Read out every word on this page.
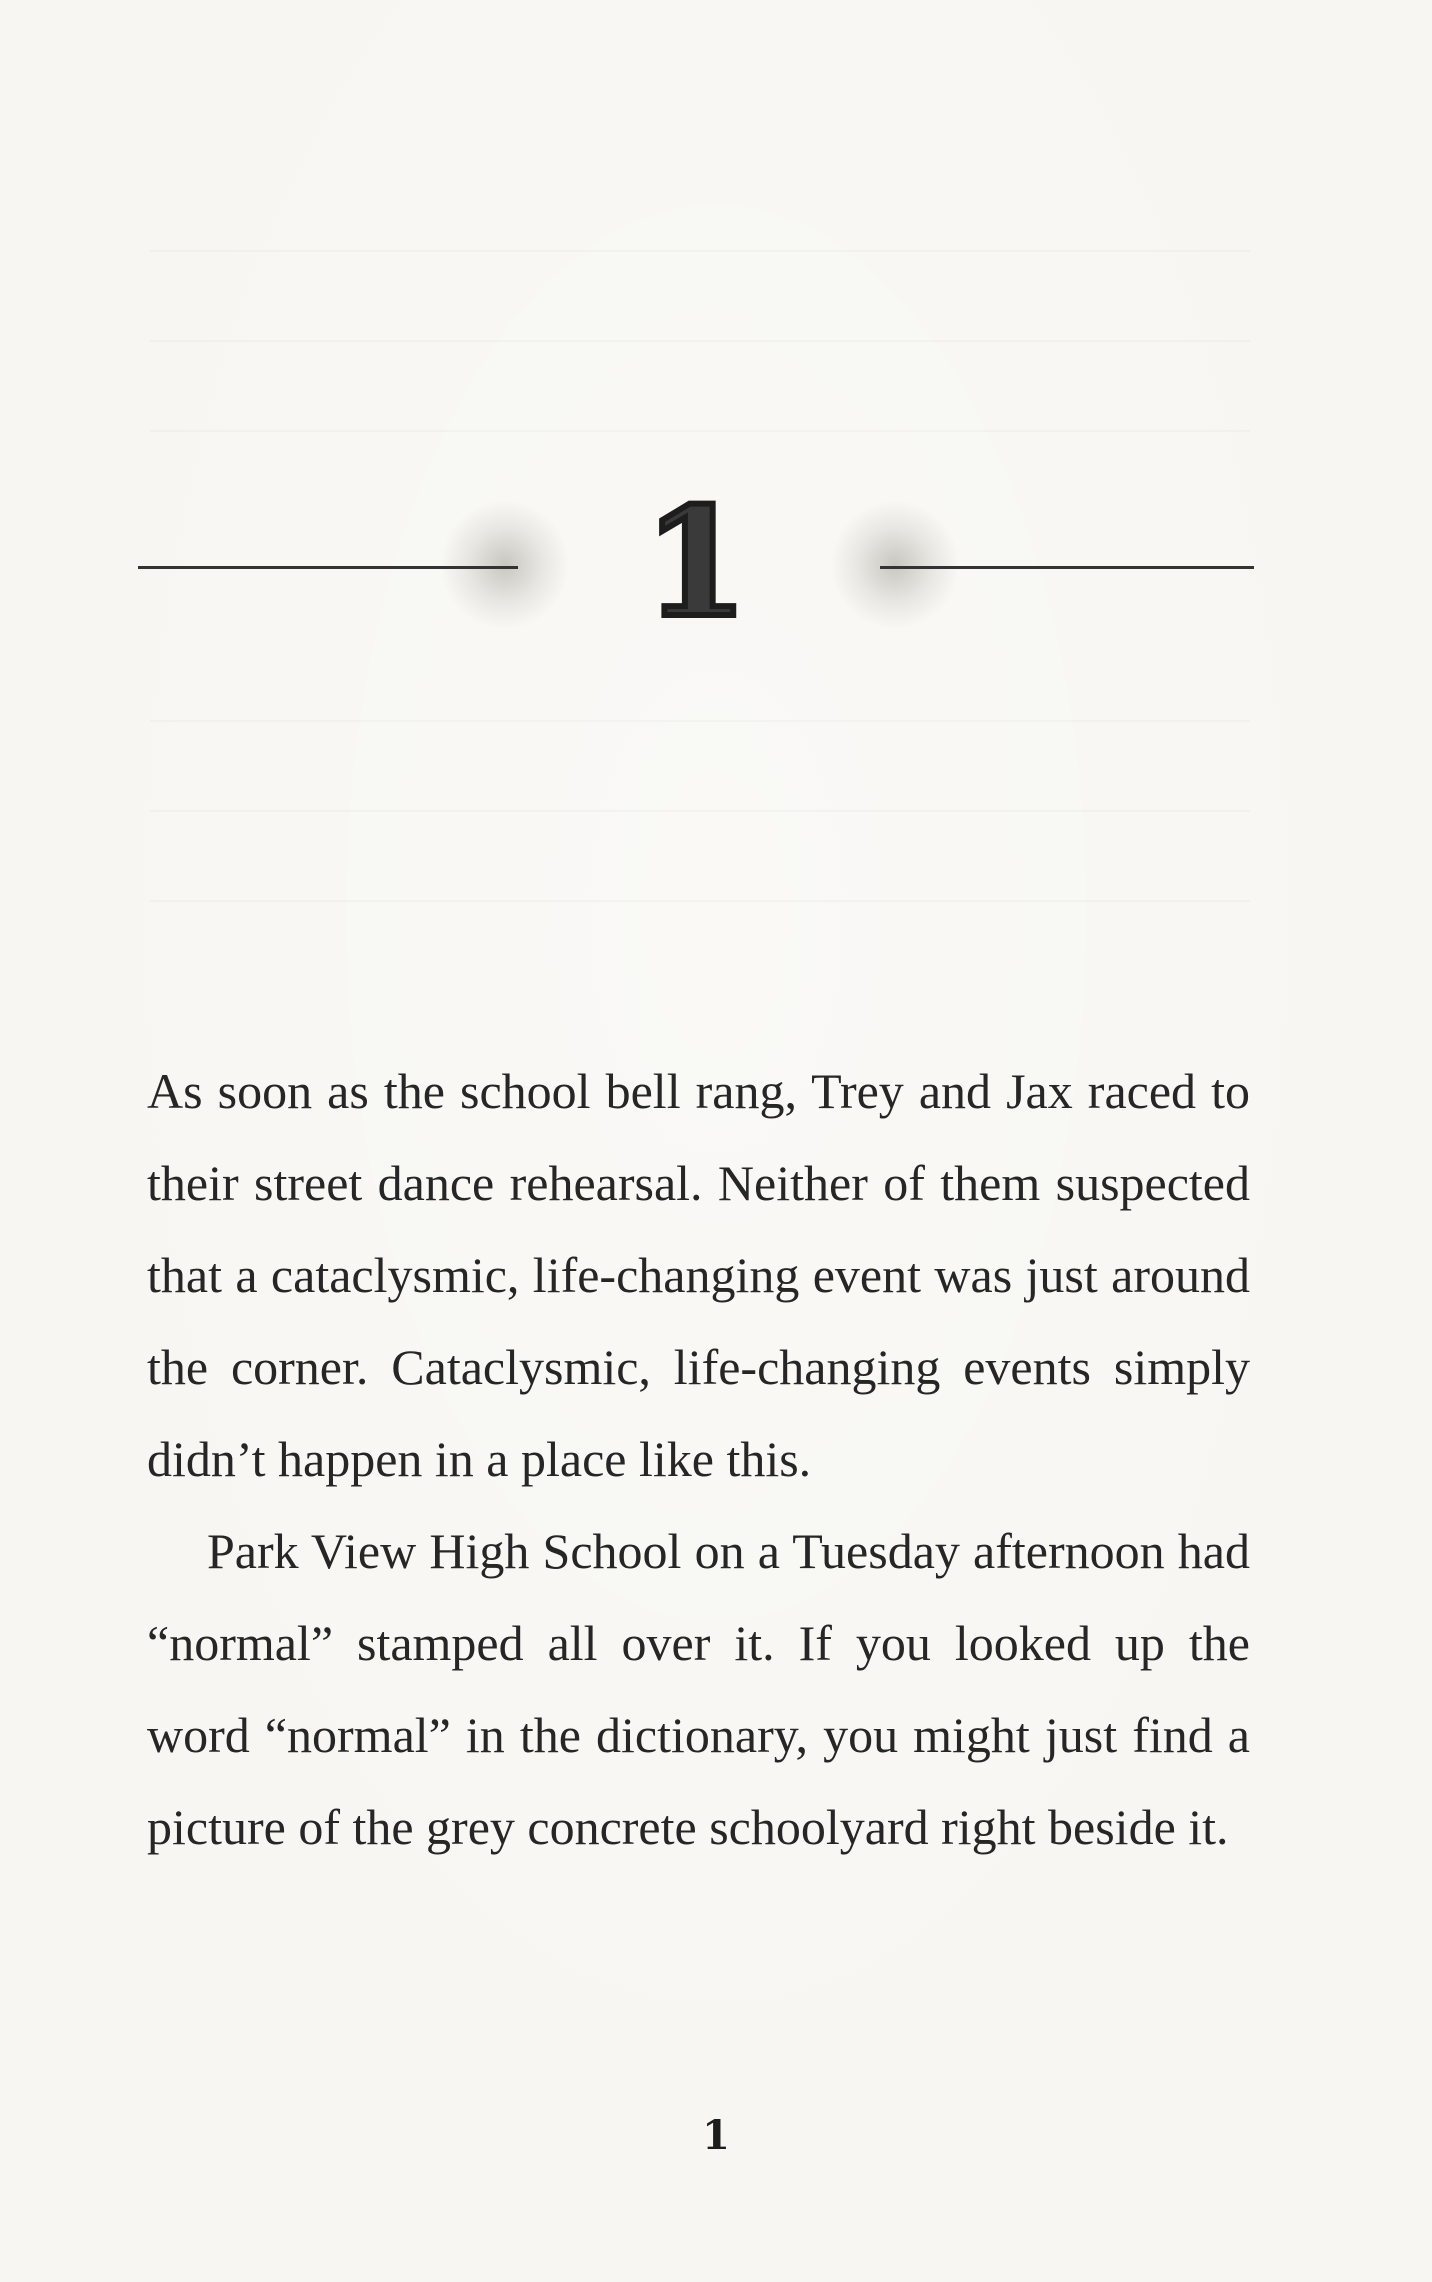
1

As soon as the school bell rang, Trey and Jax raced to their street dance rehearsal. Neither of them suspected that a cataclysmic, life-changing event was just around the corner. Cataclysmic, life-changing events simply didn’t happen in a place like this.

Park View High School on a Tuesday afternoon had “normal” stamped all over it. If you looked up the word “normal” in the dictionary, you might just find a picture of the grey concrete schoolyard right beside it.

1
